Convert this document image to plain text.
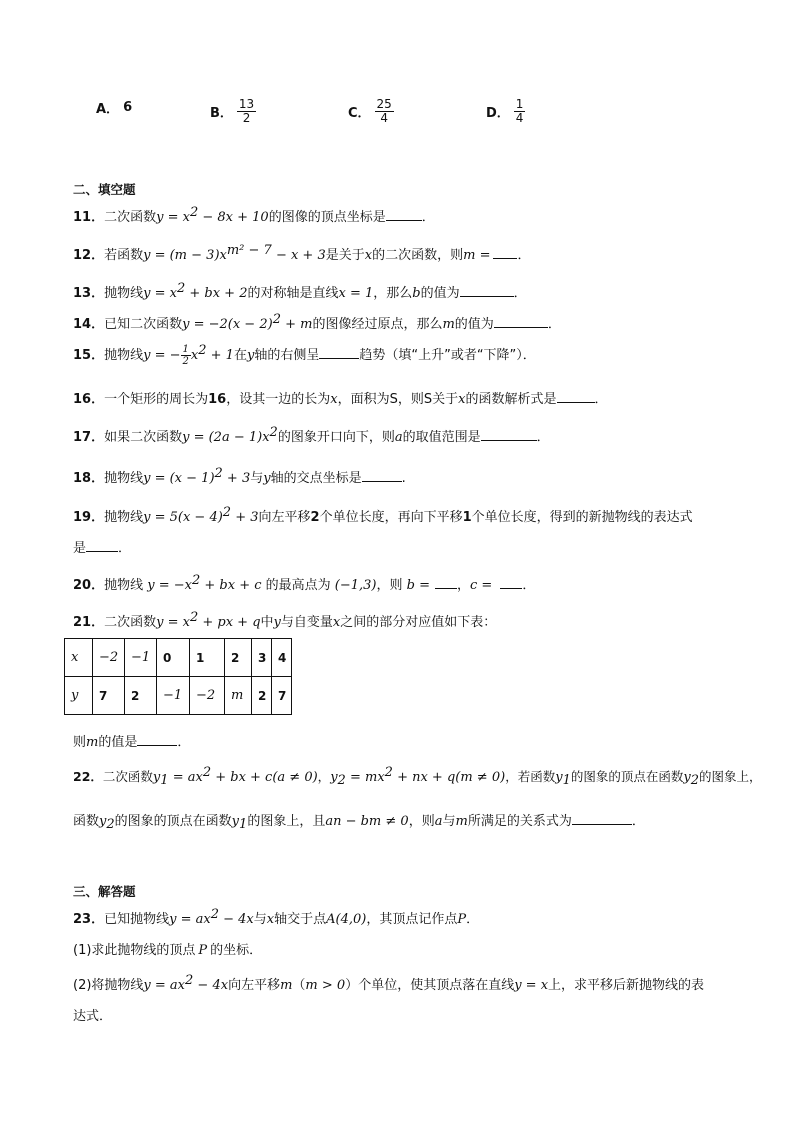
A． 6	B． $\frac{13}{2}$	C． $\frac{25}{4}$	D． $\frac{1}{4}$
二、填空题
11．二次函数$y = x^2 - 8x + 10$的图像的顶点坐标是	．
12．若函数$y = (m - 3)x^{m^2 - 7} - x + 3$是关于x的二次函数，则m = ．
13．抛物线$y = x^2$ + bx + 2的对称轴是直线x = 1，那么b的值为	．
14．已知二次函数$y = -2(x - 2)^2 + m$的图像经过原点，那么m的值为	．
15．抛物线y = − $\frac{1}{2} x^2 + 1$在y轴的右侧呈	趋势（填“上升”或者“下降”）．
16．一个矩形的周长为16，设其一边的长为x，面积为S，则S关于x的函数解析式是	．
17．如果二次函数$y = (2a - 1)x^2$的图象开口向下，则a的取值范围是	．
18．抛物线$y = (x - 1)^2 + 3$与y轴的交点坐标是	.
19．抛物线$y = 5(x - 4)^2 + 3$向左平移2个单位长度，再向下平移1个单位长度，得到的新抛物线的表达式
是 ．
20．抛物线 $y = -x^2$ + bx + c 的最高点为 (−1,3)，则 b = ，c = ．
21．二次函数$y = x^2$ + px + q中y与自变量x之间的部分对应值如下表：
x	−2	−1	0	1	2	3	4

y	7	2	−1	−2	m	2	7
则m的值是	．
22．二次函数$y_1 = ax^2$ + bx + c(a ≠ 0)，$y_2 = mx^2$ + nx + q(m ≠ 0)，若函数$y_1$的图象的顶点在函数$y_2$的图象上，
函数$y_2$的图象的顶点在函数$y_1$的图象上，且an − bm ≠ 0，则a与m所满足的关系式为	．
三、解答题
23．已知抛物线$y = ax^2 - 4x$与x轴交于点A(4,0)，其顶点记作点P．
(1)求此抛物线的顶点 P 的坐标．
(2)将抛物线$y = ax^2 - 4x$向左平移m（m > 0）个单位，使其顶点落在直线y = x上，求平移后新抛物线的表
达式．
